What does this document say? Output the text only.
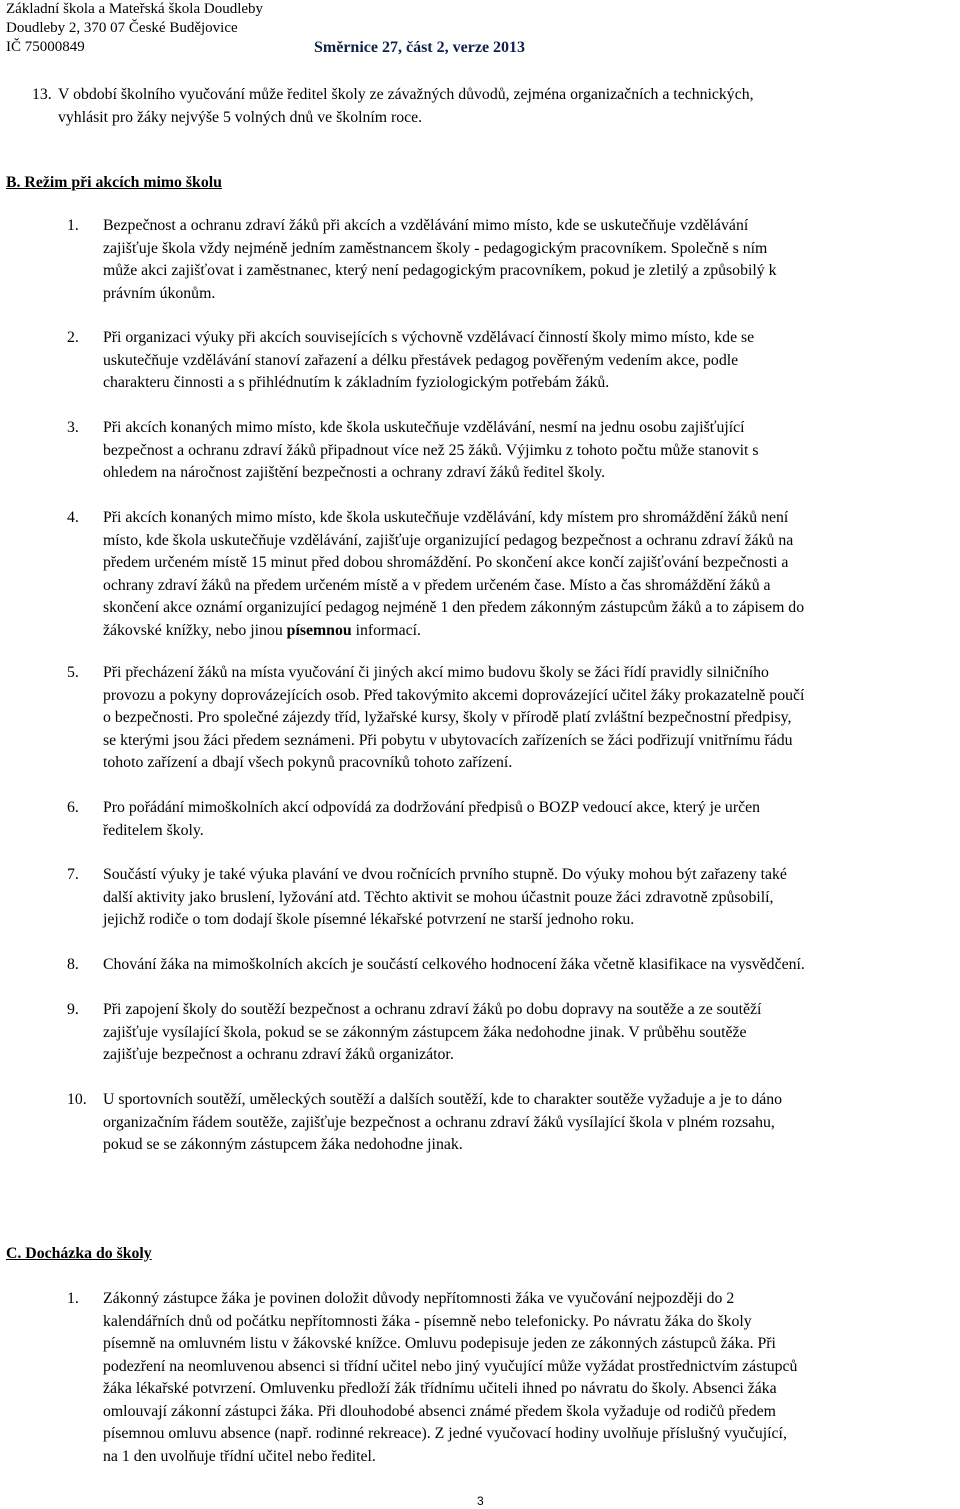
Základní škola a Mateřská škola Doudleby
Doudleby 2, 370 07 České Budějovice
IČ 75000849	Směrnice 27, část 2, verze 2013
13. V období školního vyučování může ředitel školy ze závažných důvodů, zejména organizačních a technických,
vyhlásit pro žáky nejvýše 5 volných dnů ve školním roce.
B. Režim při akcích mimo školu
1. Bezpečnost a ochranu zdraví žáků při akcích a vzdělávání mimo místo, kde se uskutečňuje vzdělávání
zajišťuje škola vždy nejméně jedním zaměstnancem školy - pedagogickým pracovníkem. Společně s ním
může akci zajišťovat i zaměstnanec, který není pedagogickým pracovníkem, pokud je zletilý a způsobilý k
právním úkonům.
2. Při organizaci výuky při akcích souvisejících s výchovně vzdělávací činností školy mimo místo, kde se
uskutečňuje vzdělávání stanoví zařazení a délku přestávek pedagog pověřeným vedením akce, podle
charakteru činnosti a s přihlédnutím k základním fyziologickým potřebám žáků.
3. Při akcích konaných mimo místo, kde škola uskutečňuje vzdělávání, nesmí na jednu osobu zajišťující
bezpečnost a ochranu zdraví žáků připadnout více než 25 žáků. Výjimku z tohoto počtu může stanovit s
ohledem na náročnost zajištění bezpečnosti a ochrany zdraví žáků ředitel školy.
4. Při akcích konaných mimo místo, kde škola uskutečňuje vzdělávání, kdy místem pro shromáždění žáků není
místo, kde škola uskutečňuje vzdělávání, zajišťuje organizující pedagog bezpečnost a ochranu zdraví žáků na
předem určeném místě 15 minut před dobou shromáždění. Po skončení akce končí zajišťování bezpečnosti a
ochrany zdraví žáků na předem určeném místě a v předem určeném čase. Místo a čas shromáždění žáků a
skončení akce oznámí organizující pedagog nejméně 1 den předem zákonným zástupcům žáků a to zápisem do
žákovské knížky, nebo jinou písemnou informací.
5. Při přecházení žáků na místa vyučování či jiných akcí mimo budovu školy se žáci řídí pravidly silničního
provozu a pokyny doprovázejících osob. Před takovýmito akcemi doprovázející učitel žáky prokazatelně poučí
o bezpečnosti. Pro společné zájezdy tříd, lyžařské kursy, školy v přírodě platí zvláštní bezpečnostní předpisy,
se kterými jsou žáci předem seznámeni. Při pobytu v ubytovacích zařízeních se žáci podřizují vnitřnímu řádu
tohoto zařízení a dbají všech pokynů pracovníků tohoto zařízení.
6. Pro pořádání mimoškolních akcí odpovídá za dodržování předpisů o BOZP vedoucí akce, který je určen
ředitelem školy.
7. Součástí výuky je také výuka plavání ve dvou ročnících prvního stupně. Do výuky mohou být zařazeny také
další aktivity jako bruslení, lyžování atd. Těchto aktivit se mohou účastnit pouze žáci zdravotně způsobilí,
jejichž rodiče o tom dodají škole písemné lékařské potvrzení ne starší jednoho roku.
8. Chování žáka na mimoškolních akcích je součástí celkového hodnocení žáka včetně klasifikace na vysvědčení.
9. Při zapojení školy do soutěží bezpečnost a ochranu zdraví žáků po dobu dopravy na soutěže a ze soutěží
zajišťuje vysílající škola, pokud se se zákonným zástupcem žáka nedohodne jinak. V průběhu soutěže
zajišťuje bezpečnost a ochranu zdraví žáků organizátor.
10. U sportovních soutěží, uměleckých soutěží a dalších soutěží, kde to charakter soutěže vyžaduje a je to dáno
organizačním řádem soutěže, zajišťuje bezpečnost a ochranu zdraví žáků vysílající škola v plném rozsahu,
pokud se se zákonným zástupcem žáka nedohodne jinak.
C. Docházka do školy
1. Zákonný zástupce žáka je povinen doložit důvody nepřítomnosti žáka ve vyučování nejpozději do 2
kalendářních dnů od počátku nepřítomnosti žáka - písemně nebo telefonicky. Po návratu žáka do školy
písemně na omluvném listu v žákovské knížce. Omluvu podepisuje jeden ze zákonných zástupců žáka. Při
podezření na neomluvenou absenci si třídní učitel nebo jiný vyučující může vyžádat prostřednictvím zástupců
žáka lékařské potvrzení. Omluvenku předloží žák třídnímu učiteli ihned po návratu do školy. Absenci žáka
omlouvají zákonní zástupci žáka. Při dlouhodobé absenci známé předem škola vyžaduje od rodičů předem
písemnou omluvu absence (např. rodinné rekreace). Z jedné vyučovací hodiny uvolňuje příslušný vyučující,
na 1 den uvolňuje třídní učitel nebo ředitel.
3
